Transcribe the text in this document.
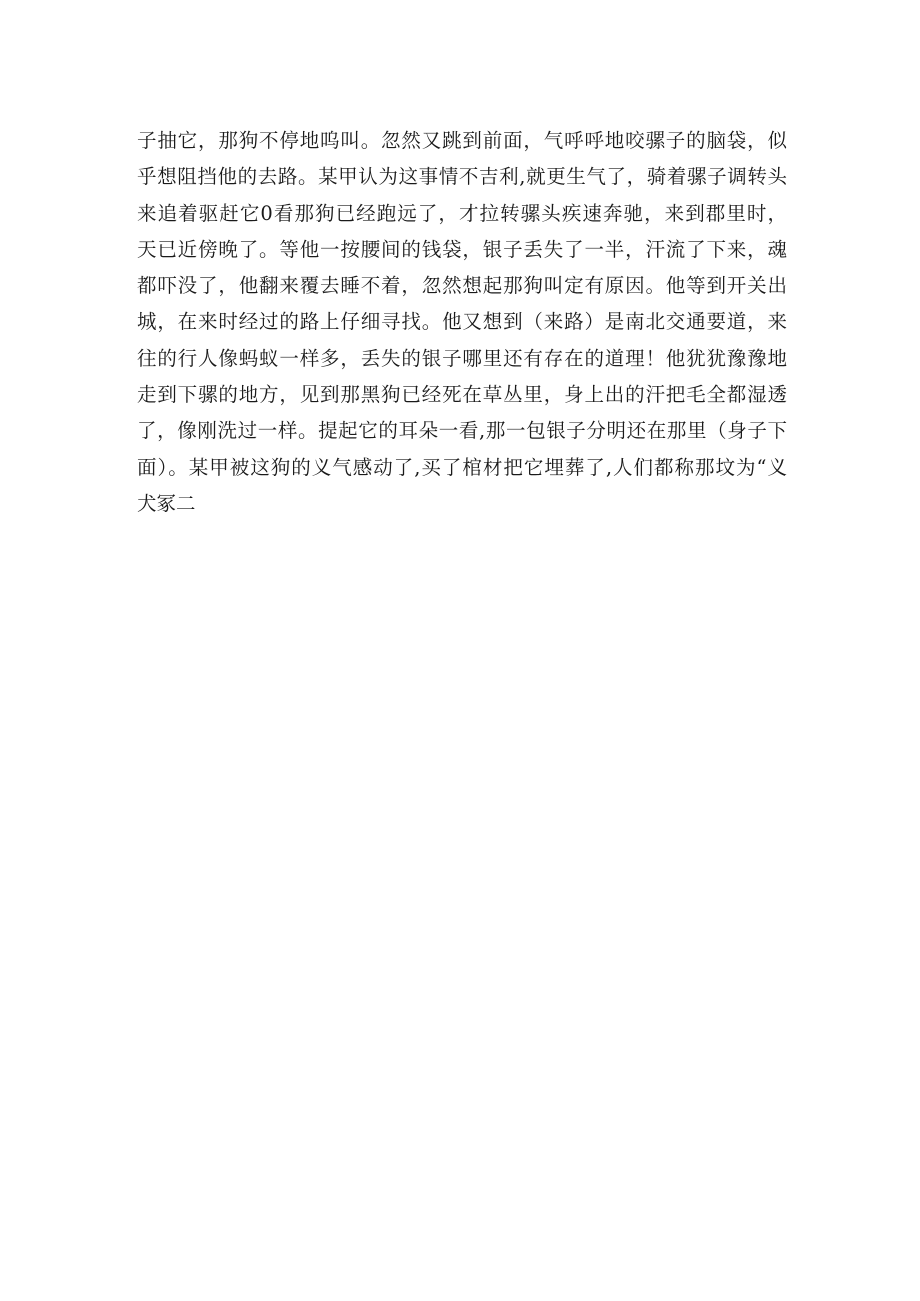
子抽它，那狗不停地呜叫。忽然又跳到前面，气呼呼地咬骡子的脑袋，似
乎想阻挡他的去路。某甲认为这事情不吉利,就更生气了，骑着骡子调转头
来追着驱赶它0看那狗已经跑远了，才拉转骡头疾速奔驰，来到郡里时，
天已近傍晚了。等他一按腰间的钱袋，银子丢失了一半，汗流了下来，魂
都吓没了，他翻来覆去睡不着，忽然想起那狗叫定有原因。他等到开关出
城，在来时经过的路上仔细寻找。他又想到（来路）是南北交通要道，来
往的行人像蚂蚁一样多，丢失的银子哪里还有存在的道理！他犹犹豫豫地
走到下骡的地方，见到那黑狗已经死在草丛里，身上出的汗把毛全都湿透
了，像刚洗过一样。提起它的耳朵一看,那一包银子分明还在那里（身子下
面）。某甲被这狗的义气感动了,买了棺材把它埋葬了,人们都称那坟为“义
犬冢二
